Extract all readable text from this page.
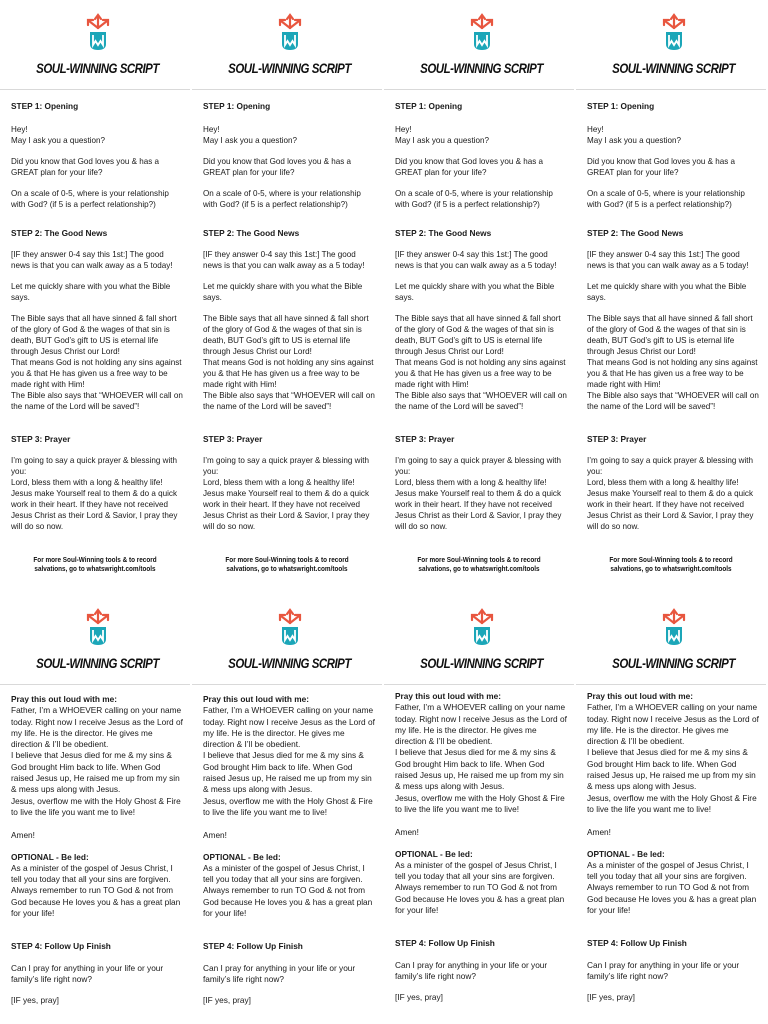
SOUL-WINNING SCRIPT

STEP 1: Opening

Hey!

May I ask you a question?

Did you know that God loves you & has a GREAT plan for your life?

On a scale of 0-5, where is your relationship with God? (if 5 is a perfect relationship?)

STEP 2: The Good News

[IF they answer 0-4 say this 1st:] The good news is that you can walk away as a 5 today!

Let me quickly share with you what the Bible says.

The Bible says that all have sinned & fall short of the glory of God & the wages of that sin is death, BUT God’s gift to US is eternal life through Jesus Christ our Lord!

That means God is not holding any sins against you & that He has given us a free way to be made right with Him!

The Bible also says that “WHOEVER will call on the name of the Lord will be saved”!

STEP 3: Prayer

I’m going to say a quick prayer & blessing with you:

Lord, bless them with a long & healthy life!

Jesus make Yourself real to them & do a quick work in their heart. If they have not received Jesus Christ as their Lord & Savior, I pray they will do so now.

For more Soul-Winning tools & to record salvations, go to whatswright.com/tools
SOUL-WINNING SCRIPT

STEP 1: Opening

Hey!

May I ask you a question?

Did you know that God loves you & has a GREAT plan for your life?

On a scale of 0-5, where is your relationship with God? (if 5 is a perfect relationship?)

STEP 2: The Good News

[IF they answer 0-4 say this 1st:] The good news is that you can walk away as a 5 today!

Let me quickly share with you what the Bible says.

The Bible says that all have sinned & fall short of the glory of God & the wages of that sin is death, BUT God’s gift to US is eternal life through Jesus Christ our Lord!

That means God is not holding any sins against you & that He has given us a free way to be made right with Him!

The Bible also says that “WHOEVER will call on the name of the Lord will be saved”!

STEP 3: Prayer

I’m going to say a quick prayer & blessing with you:

Lord, bless them with a long & healthy life!

Jesus make Yourself real to them & do a quick work in their heart. If they have not received Jesus Christ as their Lord & Savior, I pray they will do so now.

For more Soul-Winning tools & to record salvations, go to whatswright.com/tools
SOUL-WINNING SCRIPT

STEP 1: Opening

Hey!

May I ask you a question?

Did you know that God loves you & has a GREAT plan for your life?

On a scale of 0-5, where is your relationship with God? (if 5 is a perfect relationship?)

STEP 2: The Good News

[IF they answer 0-4 say this 1st:] The good news is that you can walk away as a 5 today!

Let me quickly share with you what the Bible says.

The Bible says that all have sinned & fall short of the glory of God & the wages of that sin is death, BUT God’s gift to US is eternal life through Jesus Christ our Lord!

That means God is not holding any sins against you & that He has given us a free way to be made right with Him!

The Bible also says that “WHOEVER will call on the name of the Lord will be saved”!

STEP 3: Prayer

I’m going to say a quick prayer & blessing with you:

Lord, bless them with a long & healthy life!

Jesus make Yourself real to them & do a quick work in their heart. If they have not received Jesus Christ as their Lord & Savior, I pray they will do so now.

For more Soul-Winning tools & to record salvations, go to whatswright.com/tools
SOUL-WINNING SCRIPT

STEP 1: Opening

Hey!

May I ask you a question?

Did you know that God loves you & has a GREAT plan for your life?

On a scale of 0-5, where is your relationship with God? (if 5 is a perfect relationship?)

STEP 2: The Good News

[IF they answer 0-4 say this 1st:] The good news is that you can walk away as a 5 today!

Let me quickly share with you what the Bible says.

The Bible says that all have sinned & fall short of the glory of God & the wages of that sin is death, BUT God’s gift to US is eternal life through Jesus Christ our Lord!

That means God is not holding any sins against you & that He has given us a free way to be made right with Him!

The Bible also says that “WHOEVER will call on the name of the Lord will be saved”!

STEP 3: Prayer

I’m going to say a quick prayer & blessing with you:

Lord, bless them with a long & healthy life!

Jesus make Yourself real to them & do a quick work in their heart. If they have not received Jesus Christ as their Lord & Savior, I pray they will do so now.

For more Soul-Winning tools & to record salvations, go to whatswright.com/tools
SOUL-WINNING SCRIPT

Pray this out loud with me:

Father, I’m a WHOEVER calling on your name today. Right now I receive Jesus as the Lord of my life. He is the director. He gives me direction & I’ll be obedient.

I believe that Jesus died for me & my sins & God brought Him back to life. When God raised Jesus up, He raised me up from my sin & mess ups along with Jesus.

Jesus, overflow me with the Holy Ghost & Fire to live the life you want me to live!

Amen!

OPTIONAL - Be led:

As a minister of the gospel of Jesus Christ, I tell you today that all your sins are forgiven. Always remember to run TO God & not from God because He loves you & has a great plan for your life!

STEP 4: Follow Up Finish

Can I pray for anything in your life or your family’s life right now?

[IF yes, pray]

SOUL-WINNING SCRIPT

Pray this out loud with me:

Father, I’m a WHOEVER calling on your name today. Right now I receive Jesus as the Lord of my life. He is the director. He gives me direction & I’ll be obedient.

I believe that Jesus died for me & my sins & God brought Him back to life. When God raised Jesus up, He raised me up from my sin & mess ups along with Jesus.

Jesus, overflow me with the Holy Ghost & Fire to live the life you want me to live!

Amen!

OPTIONAL - Be led:

As a minister of the gospel of Jesus Christ, I tell you today that all your sins are forgiven. Always remember to run TO God & not from God because He loves you & has a great plan for your life!

STEP 4: Follow Up Finish

Can I pray for anything in your life or your family’s life right now?

[IF yes, pray]

SOUL-WINNING SCRIPT

Pray this out loud with me:

Father, I’m a WHOEVER calling on your name today. Right now I receive Jesus as the Lord of my life. He is the director. He gives me direction & I’ll be obedient.

I believe that Jesus died for me & my sins & God brought Him back to life. When God raised Jesus up, He raised me up from my sin & mess ups along with Jesus.

Jesus, overflow me with the Holy Ghost & Fire to live the life you want me to live!

Amen!

OPTIONAL - Be led:

As a minister of the gospel of Jesus Christ, I tell you today that all your sins are forgiven. Always remember to run TO God & not from God because He loves you & has a great plan for your life!

STEP 4: Follow Up Finish

Can I pray for anything in your life or your family’s life right now?

[IF yes, pray]

SOUL-WINNING SCRIPT

Pray this out loud with me:

Father, I’m a WHOEVER calling on your name today. Right now I receive Jesus as the Lord of my life. He is the director. He gives me direction & I’ll be obedient.

I believe that Jesus died for me & my sins & God brought Him back to life. When God raised Jesus up, He raised me up from my sin & mess ups along with Jesus.

Jesus, overflow me with the Holy Ghost & Fire to live the life you want me to live!

Amen!

OPTIONAL - Be led:

As a minister of the gospel of Jesus Christ, I tell you today that all your sins are forgiven. Always remember to run TO God & not from God because He loves you & has a great plan for your life!

STEP 4: Follow Up Finish

Can I pray for anything in your life or your family’s life right now?

[IF yes, pray]
